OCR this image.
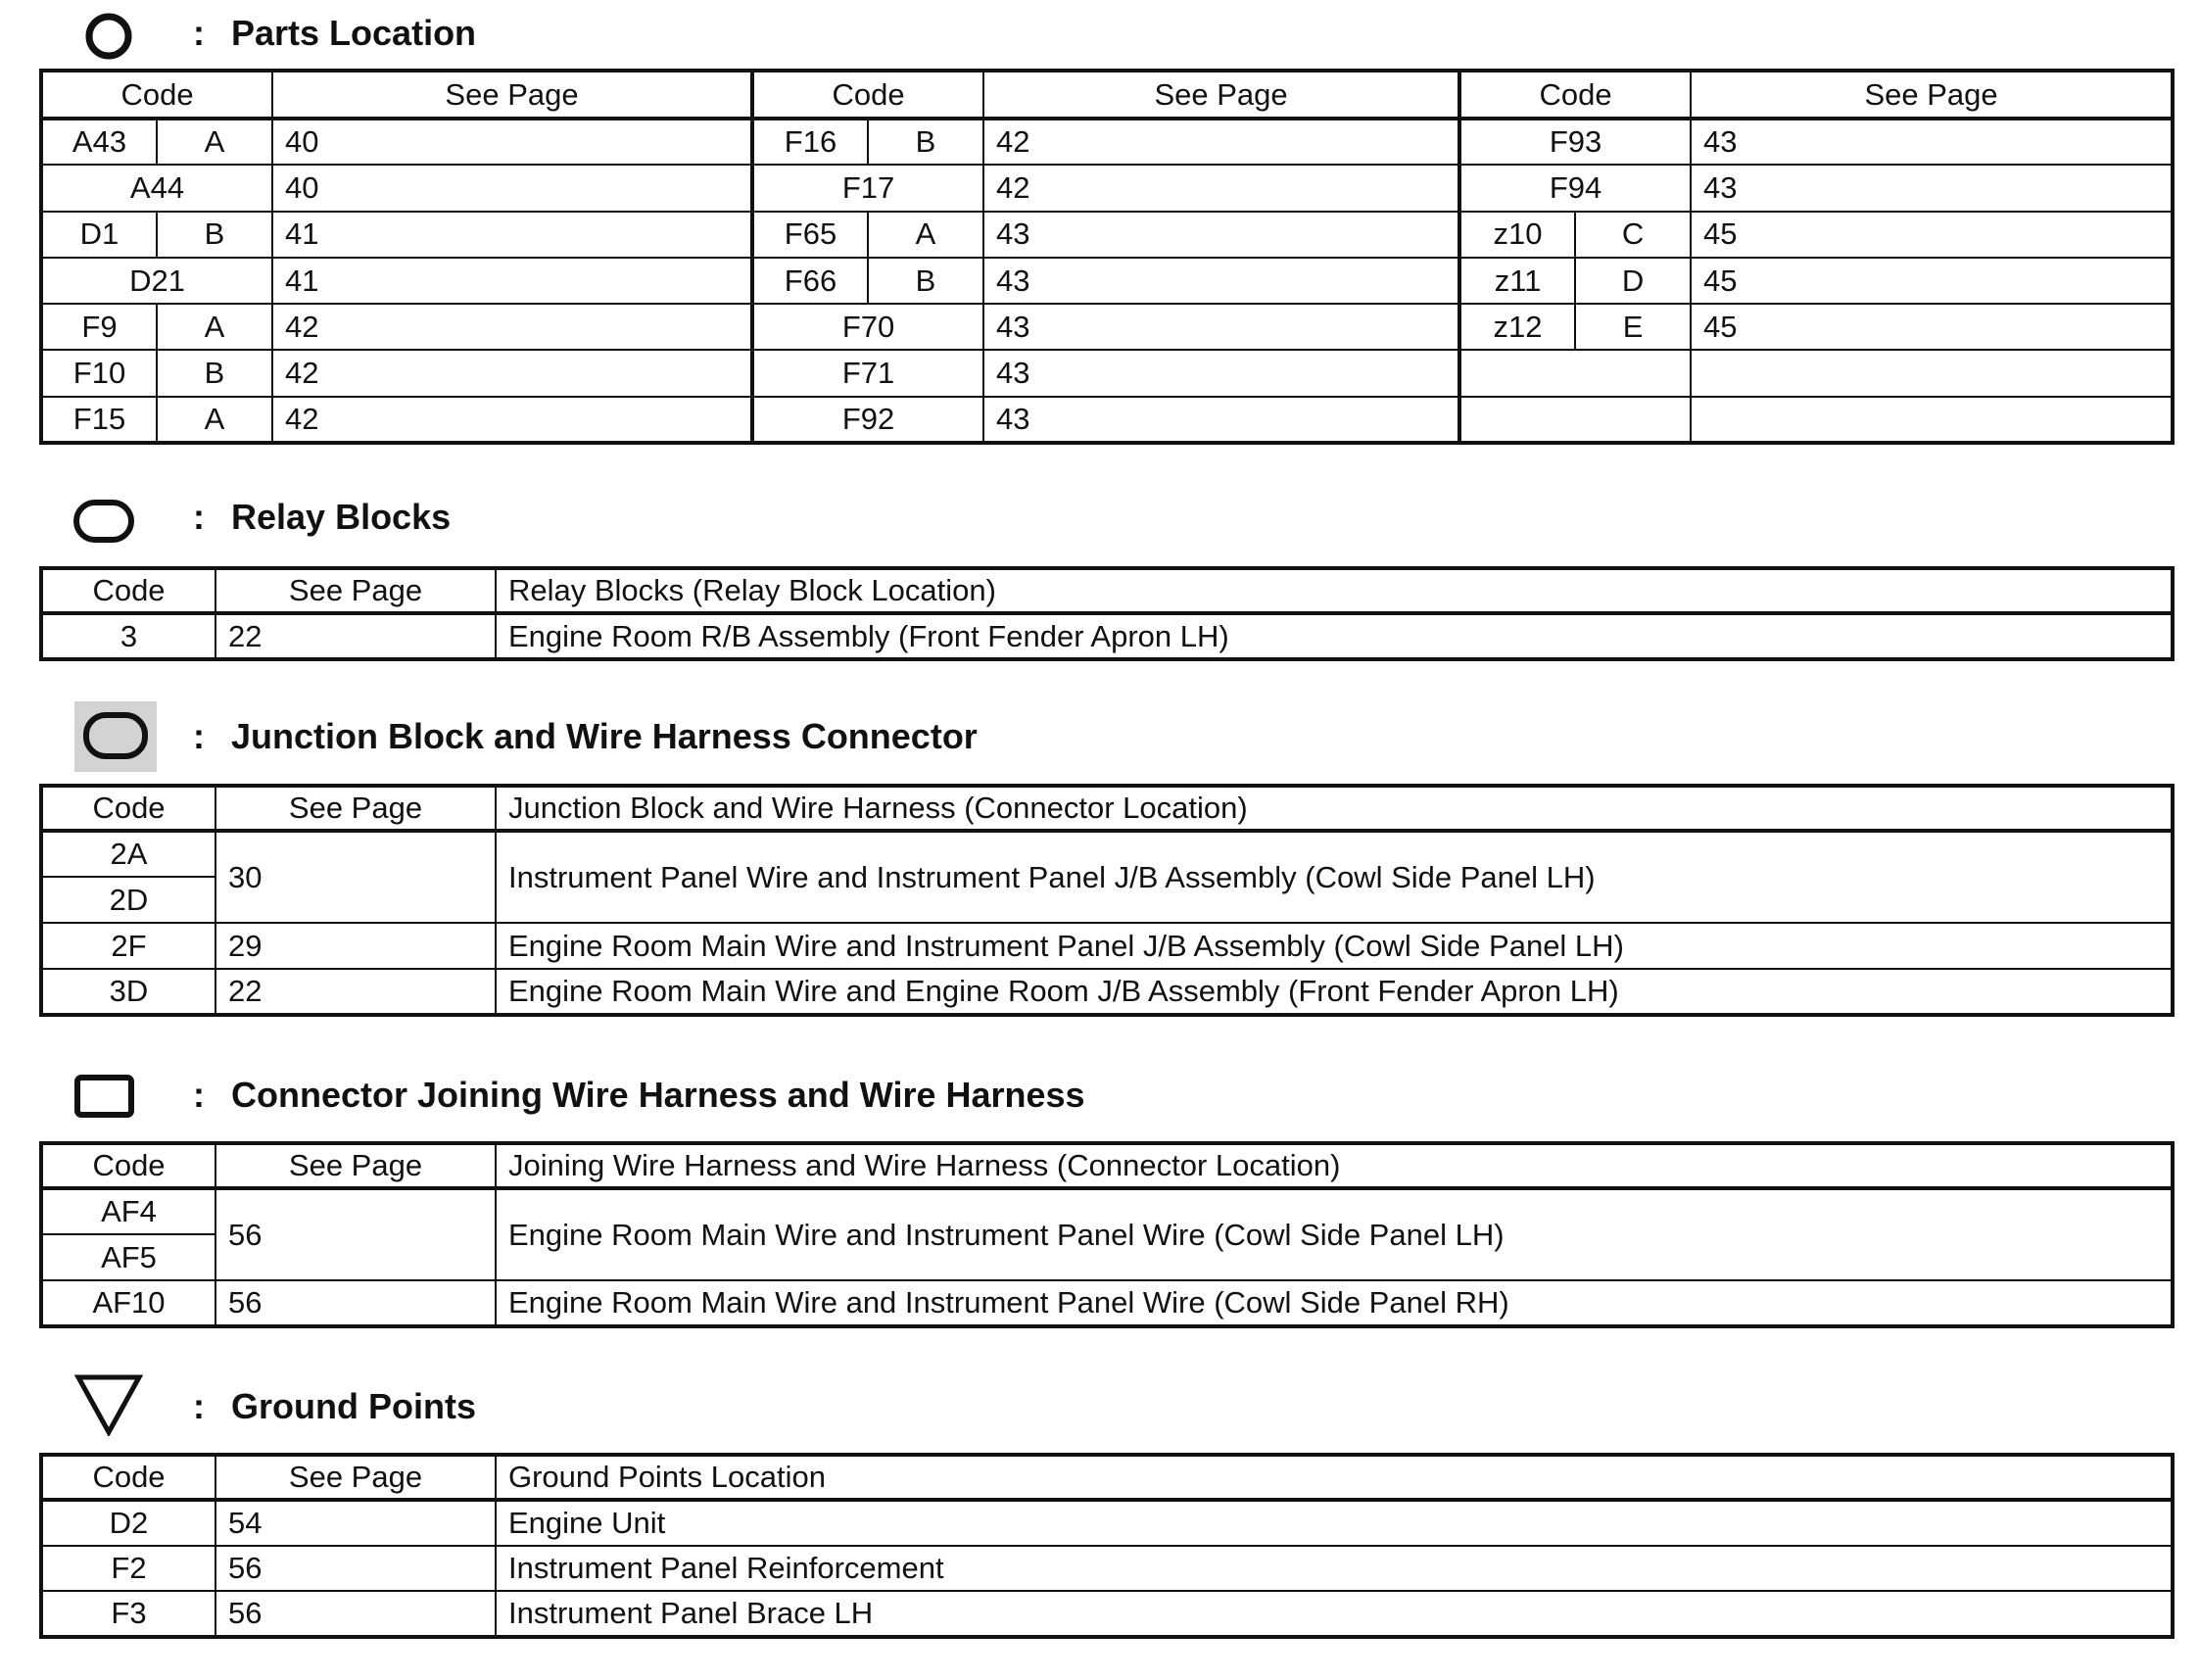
: Parts Location
Code		See Page	Code		See Page	Code		See Page
A43	A	40	F16	B	42	F93		43
A44		40	F17		42	F94		43
D1	B	41	F65	A	43	z10	C	45
D21		41	F66	B	43	z11	D	45
F9	A	42	F70		43	z12	E	45
F10	B	42	F71		43			
F15	A	42	F92		43			
: Relay Blocks
Code	See Page	Relay Blocks (Relay Block Location)
3	22	Engine Room R/B Assembly (Front Fender Apron LH)
: Junction Block and Wire Harness Connector
Code	See Page	Junction Block and Wire Harness (Connector Location)
2A	30	Instrument Panel Wire and Instrument Panel J/B Assembly (Cowl Side Panel LH)
2D		
2F	29	Engine Room Main Wire and Instrument Panel J/B Assembly (Cowl Side Panel LH)
3D	22	Engine Room Main Wire and Engine Room J/B Assembly (Front Fender Apron LH)
: Connector Joining Wire Harness and Wire Harness
Code	See Page	Joining Wire Harness and Wire Harness (Connector Location)
AF4	56	Engine Room Main Wire and Instrument Panel Wire (Cowl Side Panel LH)
AF5		
AF10	56	Engine Room Main Wire and Instrument Panel Wire (Cowl Side Panel RH)
: Ground Points
Code	See Page	Ground Points Location
D2	54	Engine Unit
F2	56	Instrument Panel Reinforcement
F3	56	Instrument Panel Brace LH
